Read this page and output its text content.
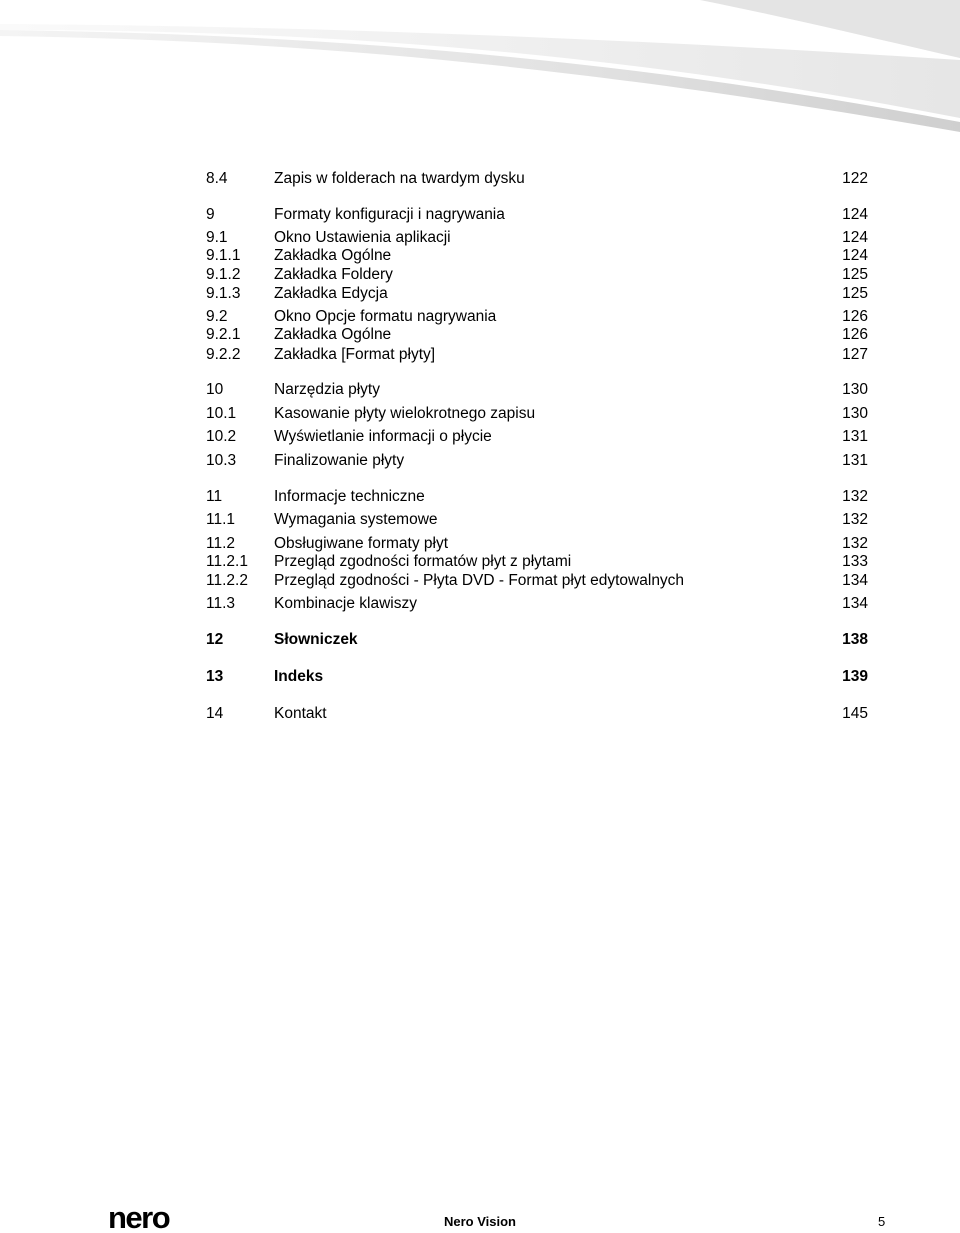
8.4	Zapis w folderach na twardym dysku	122
9	Formaty konfiguracji i nagrywania	124
9.1	Okno Ustawienia aplikacji	124
9.1.1 Zakładka Ogólne	124
9.1.2 Zakładka Foldery	125
9.1.3 Zakładka Edycja	125
9.2	Okno Opcje formatu nagrywania	126
9.2.1 Zakładka Ogólne	126
9.2.2 Zakładka [Format płyty]	127
10	Narzędzia płyty	130
10.1 Kasowanie płyty wielokrotnego zapisu	130
10.2 Wyświetlanie informacji o płycie	131
10.3 Finalizowanie płyty	131
11	Informacje techniczne	132
11.1	Wymagania systemowe	132
11.2	Obsługiwane formaty płyt	132
11.2.1 Przegląd zgodności formatów płyt z płytami	133
11.2.2 Przegląd zgodności - Płyta DVD - Format płyt edytowalnych	134
11.3	Kombinacje klawiszy	134
12	Słowniczek	138
13	Indeks	139
14	Kontakt	145
nero	Nero Vision	5
